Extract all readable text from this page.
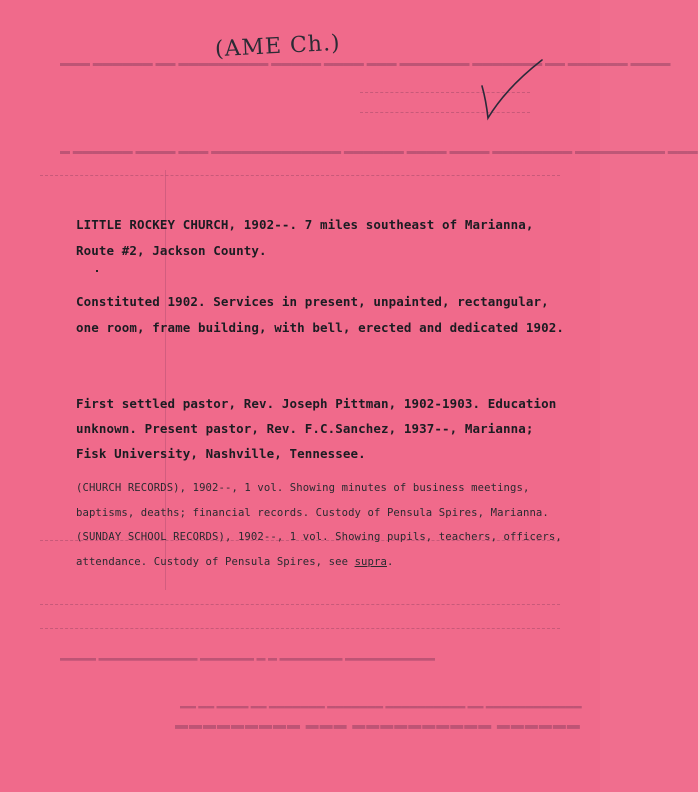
▬▬▬ ▬▬▬▬▬▬ ▬▬ ▬▬▬▬▬▬▬▬▬ ▬▬▬▬▬ ▬▬▬▬ ▬▬▬ ▬▬▬▬▬▬▬ ▬▬▬▬▬▬▬ ▬▬ ▬▬▬▬▬▬ ▬▬▬▬
▬ ▬▬▬▬▬▬ ▬▬▬▬ ▬▬▬ ▬▬▬▬▬▬▬▬▬▬▬▬▬ ▬▬▬▬▬▬ ▬▬▬▬ ▬▬▬▬ ▬▬▬▬▬▬▬▬ ▬▬▬▬▬▬▬▬▬ ▬▬▬
▬▬▬▬▬▬▬▬▬ ▬▬▬ ▬▬▬▬▬▬▬▬▬▬ ▬▬▬▬▬▬
▬▬ ▬▬ ▬▬▬▬ ▬▬ ▬▬▬▬▬▬▬ ▬▬▬▬▬▬▬ ▬▬▬▬▬▬▬▬▬▬ ▬▬ ▬▬▬▬▬▬▬▬▬▬▬▬
▬▬▬▬ ▬▬▬▬▬▬▬▬▬▬▬ ▬▬▬▬▬▬ ▬ ▬ ▬▬▬▬▬▬▬ ▬▬▬▬▬▬▬▬▬▬
(AME Ch.)
LITTLE ROCKEY CHURCH, 1902--. 7 miles southeast of Marianna,
Route #2, Jackson County.
Constituted 1902. Services in present, unpainted, rectangular,
one room, frame building, with bell, erected and dedicated 1902.
First settled pastor, Rev. Joseph Pittman, 1902-1903. Education
unknown. Present pastor, Rev. F.C.Sanchez, 1937--, Marianna;
Fisk University, Nashville, Tennessee.
(CHURCH RECORDS), 1902--, 1 vol. Showing minutes of business meetings,
baptisms, deaths; financial records. Custody of Pensula Spires, Marianna.
(SUNDAY SCHOOL RECORDS), 1902--, 1 vol. Showing pupils, teachers, officers,
attendance. Custody of Pensula Spires, see supra.
